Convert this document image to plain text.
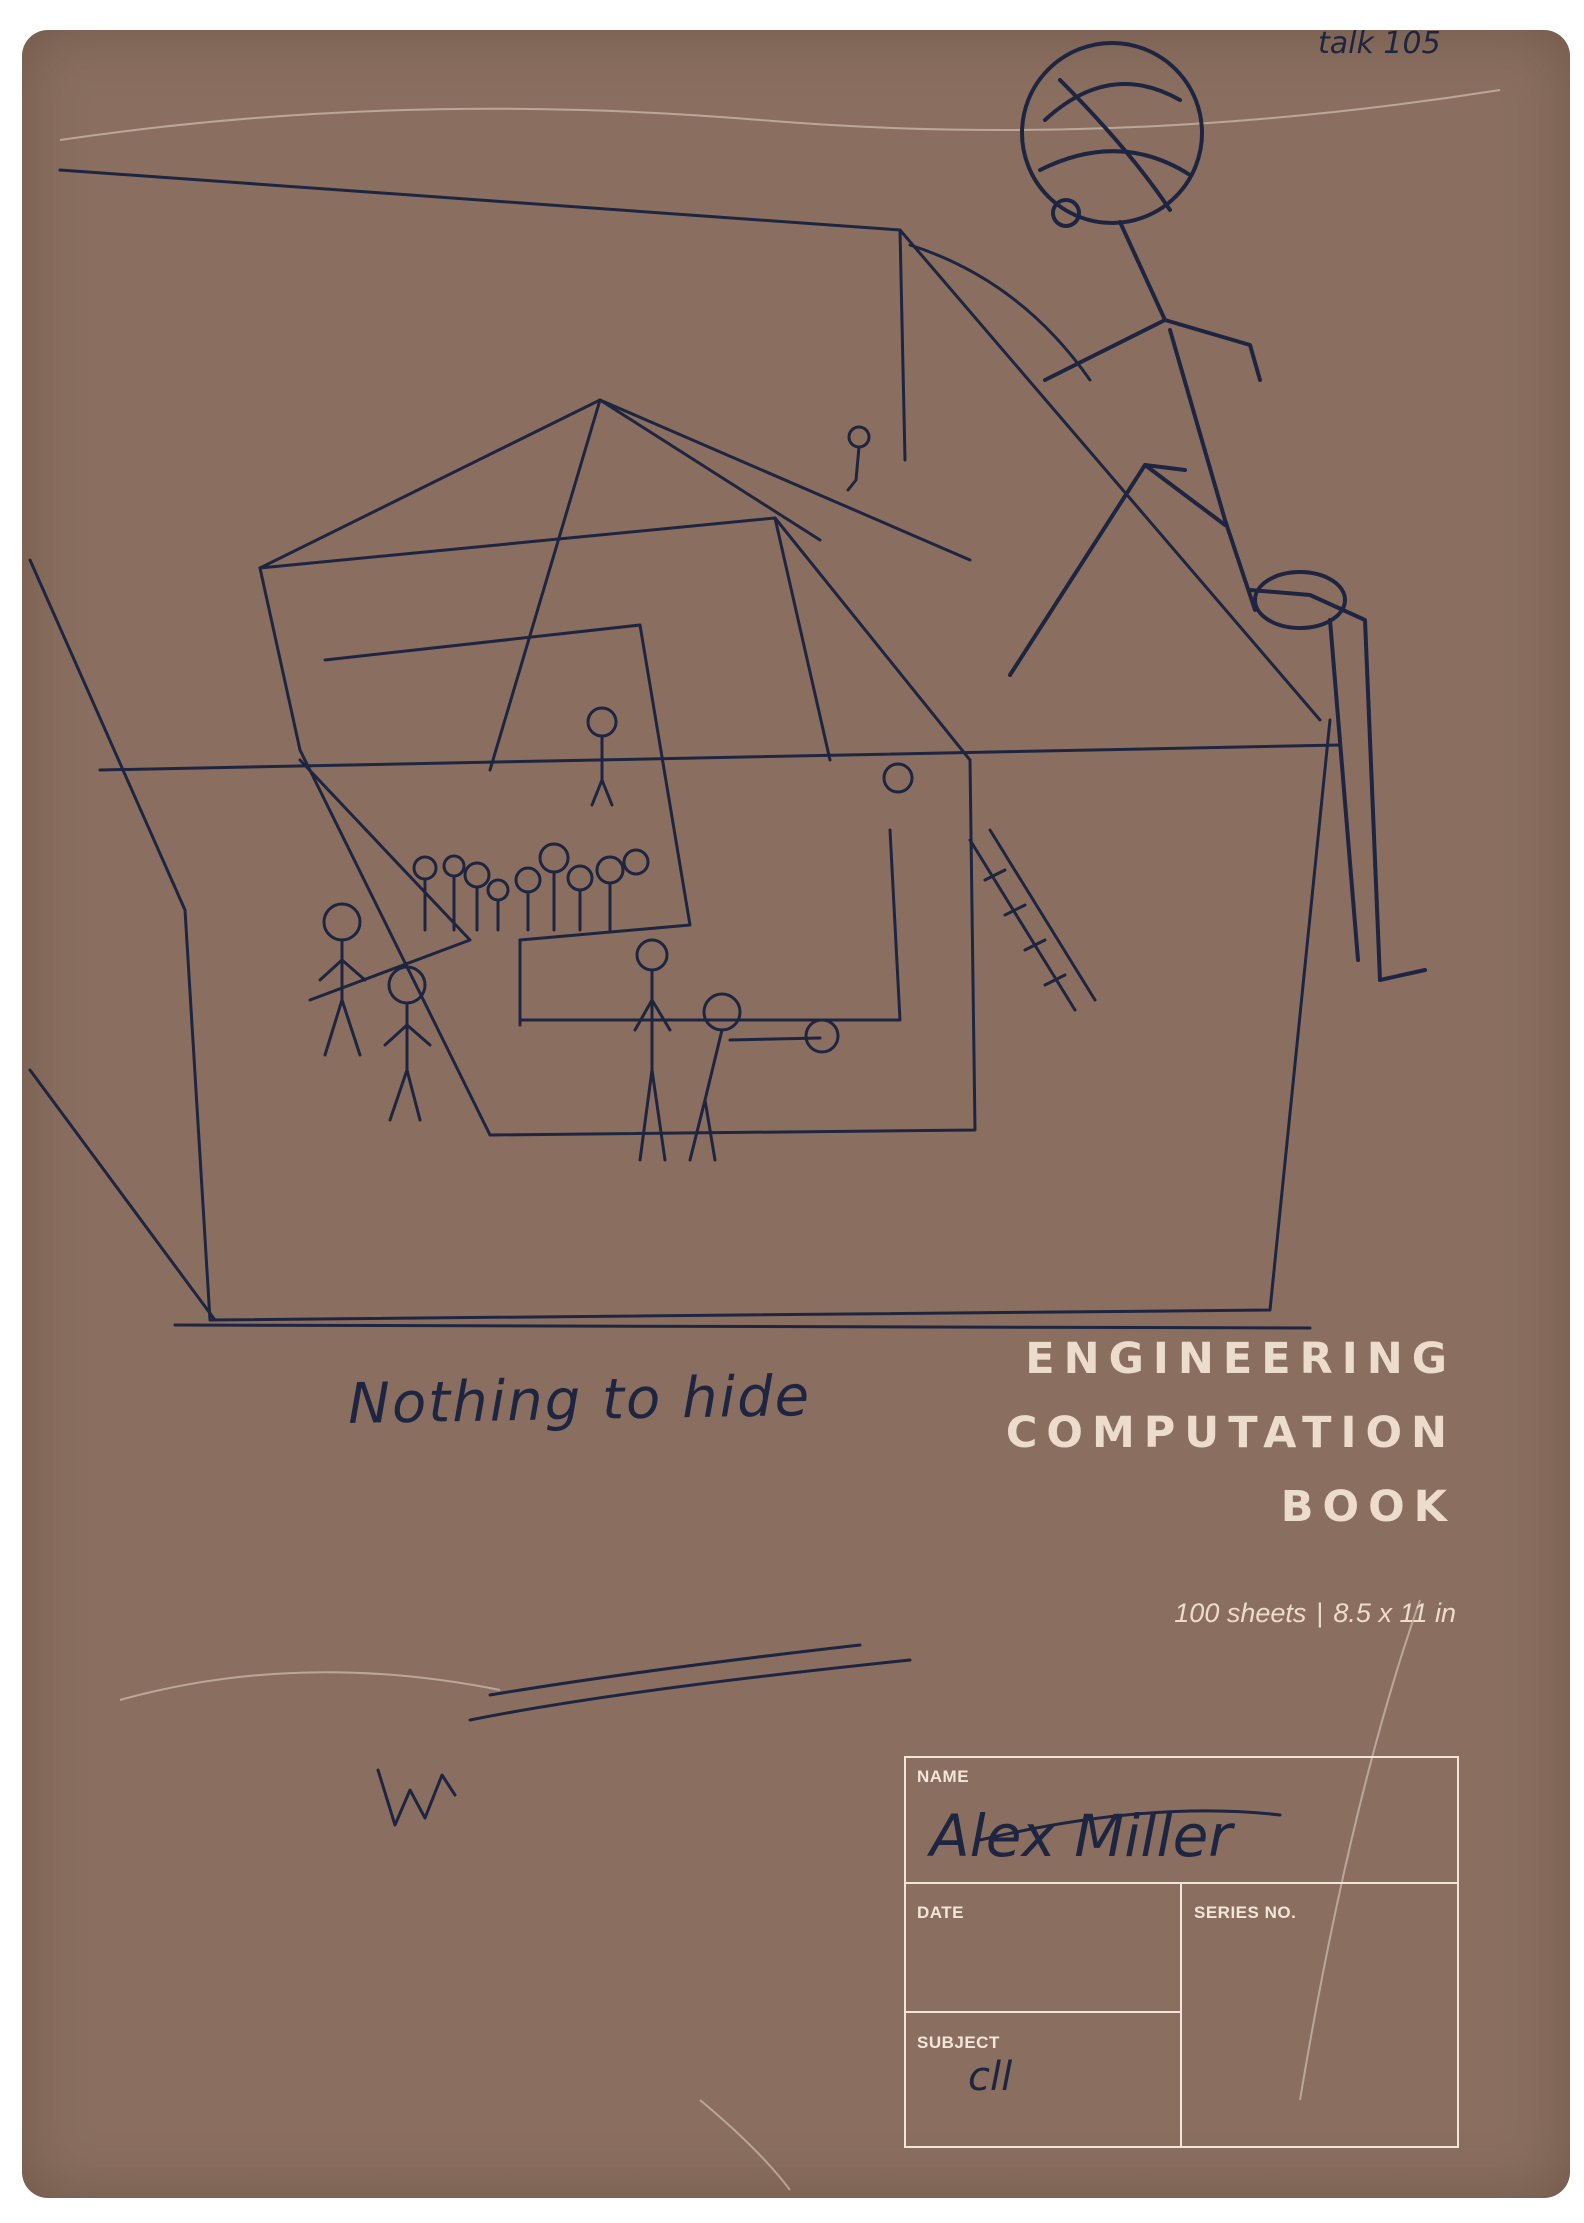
ENGINEERING
COMPUTATION
BOOK
100 sheets | 8.5 x 11 in
NAME
DATE	SERIES NO.
SUBJECT
Alex Miller
cll
Nothing to hide
talk 105
